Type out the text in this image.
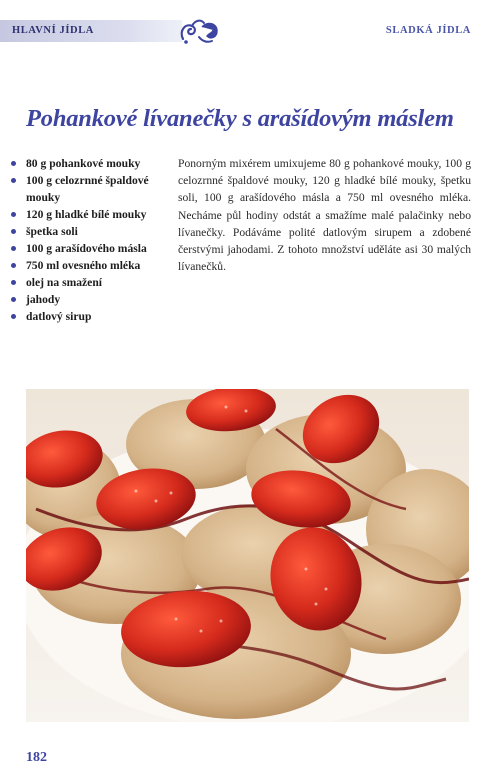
HLAVNÍ JÍDLA	SLADKÁ JÍDLA
Pohankové lívanečky s arašídovým máslem
80 g pohankové mouky
100 g celozrnné špaldové mouky
120 g hladké bílé mouky
špetka soli
100 g arašídového másla
750 ml ovesného mléka
olej na smažení
jahody
datlový sirup

Ponorným mixérem umixujeme 80 g pohankové mouky, 100 g celozrnné špaldové mouky, 120 g hladké bílé mouky, špetku soli, 100 g arašídového másla a 750 ml ovesného mléka. Necháme půl hodiny odstát a smažíme malé palačinky nebo lívanečky. Podáváme polité datlovým sirupem a zdobené čerstvými jahodami. Z tohoto množství uděláte asi 30 malých lívanečků.

182
